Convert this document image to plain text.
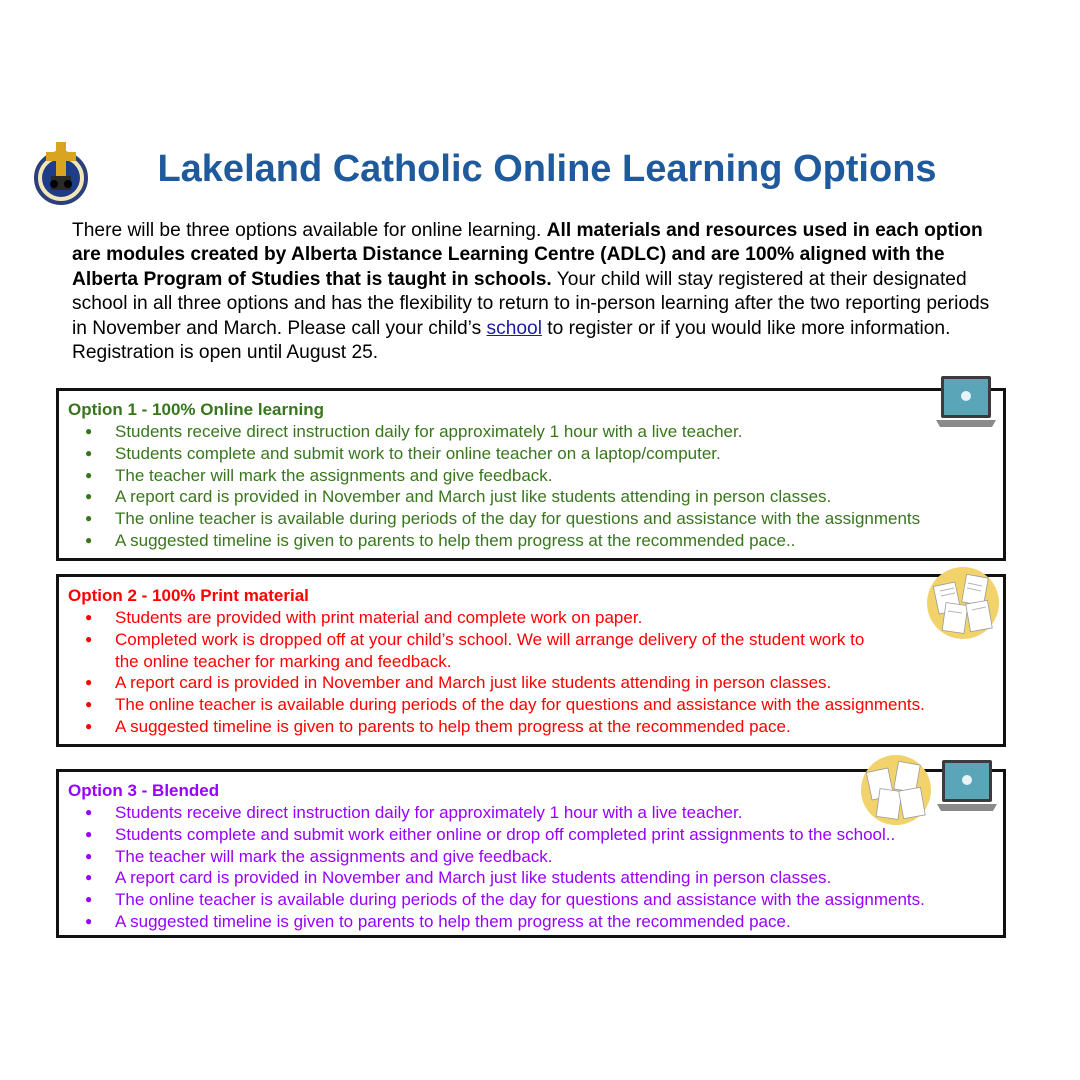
Lakeland Catholic Online Learning Options

There will be three options available for online learning. All materials and resources used in each option are modules created by Alberta Distance Learning Centre (ADLC) and are 100% aligned with the Alberta Program of Studies that is taught in schools. Your child will stay registered at their designated school in all three options and has the flexibility to return to in-person learning after the two reporting periods in November and March. Please call your child’s school to register or if you would like more information. Registration is open until August 25.

Option 1 - 100% Online learning

● Students receive direct instruction daily for approximately 1 hour with a live teacher.
● Students complete and submit work to their online teacher on a laptop/computer.
● The teacher will mark the assignments and give feedback.
● A report card is provided in November and March just like students attending in person classes.
● The online teacher is available during periods of the day for questions and assistance with the assignments
● A suggested timeline is given to parents to help them progress at the recommended pace..

Option 2 - 100% Print material

● Students are provided with print material and complete work on paper.
● Completed work is dropped off at your child’s school. We will arrange delivery of the student work to
the online teacher for marking and feedback.
● A report card is provided in November and March just like students attending in person classes.
● The online teacher is available during periods of the day for questions and assistance with the assignments.
● A suggested timeline is given to parents to help them progress at the recommended pace.

Option 3 - Blended

● Students receive direct instruction daily for approximately 1 hour with a live teacher.
● Students complete and submit work either online or drop off completed print assignments to the school..
● The teacher will mark the assignments and give feedback.
● A report card is provided in November and March just like students attending in person classes.
● The online teacher is available during periods of the day for questions and assistance with the assignments.
● A suggested timeline is given to parents to help them progress at the recommended pace.
